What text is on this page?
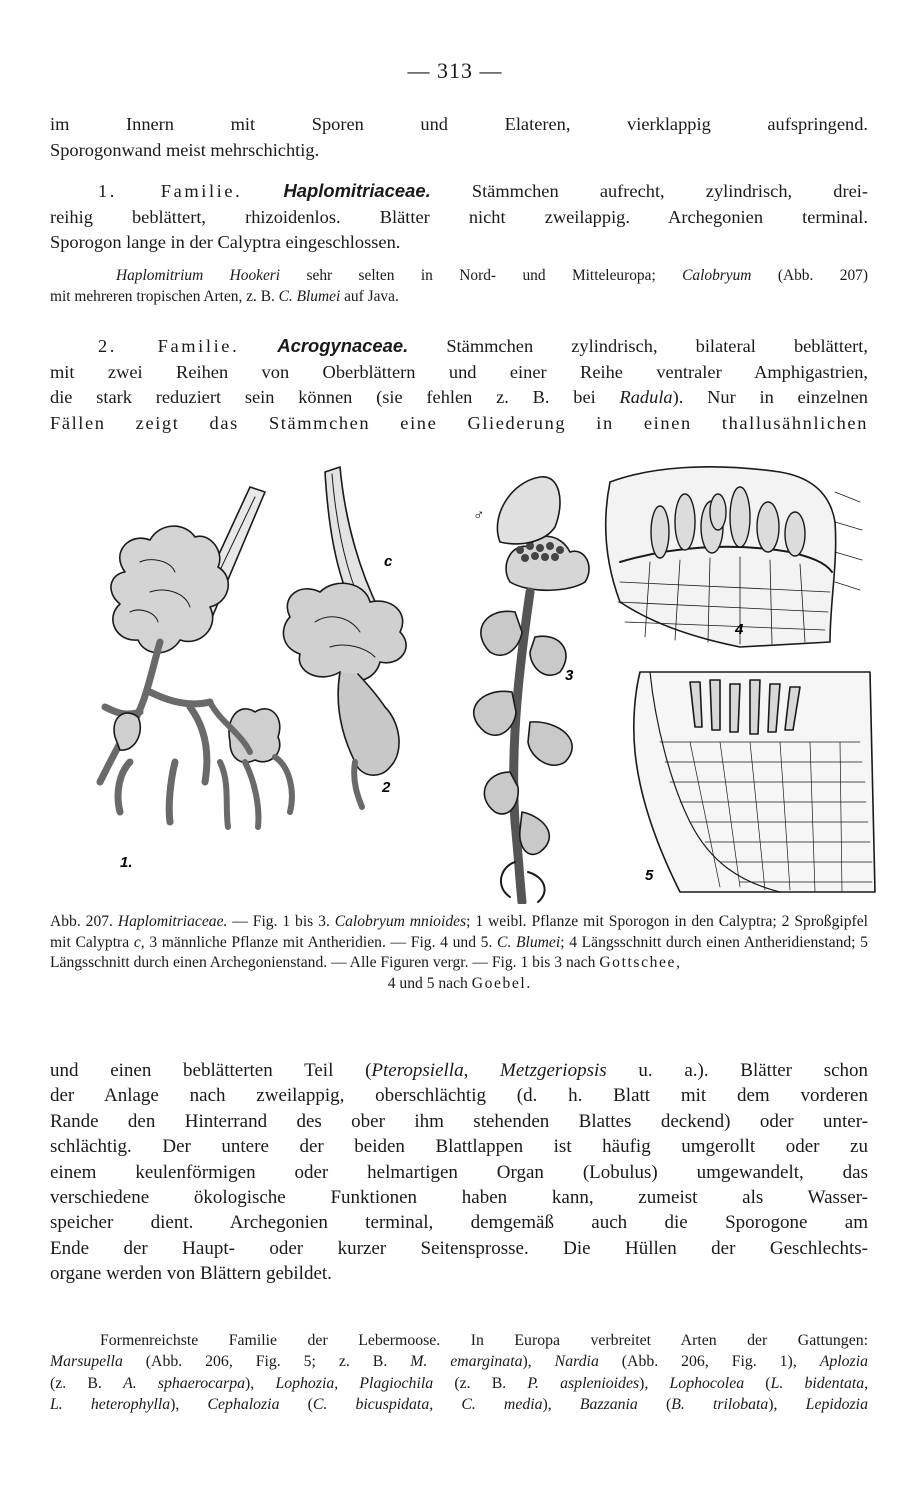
— 313 —
im Innern mit Sporen und Elateren, vierklappig aufspringend.
Sporogonwand meist mehrschichtig.
1. Familie. Haplomitriaceae. Stämmchen aufrecht, zylindrisch, drei-
reihig beblättert, rhizoidenlos. Blätter nicht zweilappig. Archegonien terminal.
Sporogon lange in der Calyptra eingeschlossen.
Haplomitrium Hookeri sehr selten in Nord- und Mitteleuropa; Calobryum (Abb. 207)
mit mehreren tropischen Arten, z. B. C. Blumei auf Java.
2. Familie. Acrogynaceae. Stämmchen zylindrisch, bilateral beblättert,
mit zwei Reihen von Oberblättern und einer Reihe ventraler Amphigastrien,
die stark reduziert sein können (sie fehlen z. B. bei Radula). Nur in einzelnen
Fällen zeigt das Stämmchen eine Gliederung in einen thallusähnlichen
1.
2
3
4
5
c
♂
Abb. 207. Haplomitriaceae. — Fig. 1 bis 3. Calobryum mnioides; 1 weibl. Pflanze mit Sporogon in den Calyptra; 2 Sproßgipfel mit Calyptra c, 3 männliche Pflanze mit Antheridien. — Fig. 4 und 5. C. Blumei; 4 Längsschnitt durch einen Antheridienstand; 5 Längsschnitt durch einen Archegonienstand. — Alle Figuren vergr. — Fig. 1 bis 3 nach Gottschee,
4 und 5 nach Goebel.
und einen beblätterten Teil (Pteropsiella, Metzgeriopsis u. a.). Blätter schon
der Anlage nach zweilappig, oberschlächtig (d. h. Blatt mit dem vorderen
Rande den Hinterrand des ober ihm stehenden Blattes deckend) oder unter-
schlächtig. Der untere der beiden Blattlappen ist häufig umgerollt oder zu
einem keulenförmigen oder helmartigen Organ (Lobulus) umgewandelt, das
verschiedene ökologische Funktionen haben kann, zumeist als Wasser-
speicher dient. Archegonien terminal, demgemäß auch die Sporogone am
Ende der Haupt- oder kurzer Seitensprosse. Die Hüllen der Geschlechts-
organe werden von Blättern gebildet.
Formenreichste Familie der Lebermoose. In Europa verbreitet Arten der Gattungen:
Marsupella (Abb. 206, Fig. 5; z. B. M. emarginata), Nardia (Abb. 206, Fig. 1), Aplozia
(z. B. A. sphaerocarpa), Lophozia, Plagiochila (z. B. P. asplenioides), Lophocolea (L. bidentata,
L. heterophylla), Cephalozia (C. bicuspidata, C. media), Bazzania (B. trilobata), Lepidozia
